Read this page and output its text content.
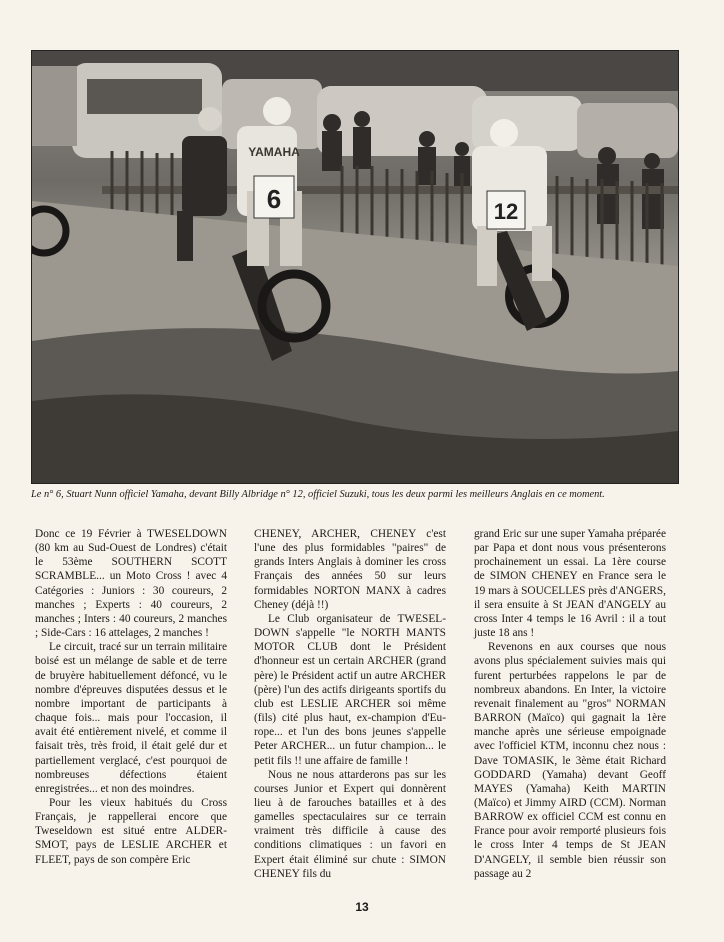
6
YAMAHA
12

Le n° 6, Stuart Nunn officiel Yamaha, devant Billy Albridge n° 12, officiel Suzuki, tous les deux parmi les meilleurs Anglais en ce moment.

Donc ce 19 Février à TWESELDOWN (80 km au Sud-Ouest de Londres) c'était le 53ème SOUTHERN SCOTT SCRAMBLE... un Moto Cross ! avec 4 Catégories : Juniors : 30 coureurs, 2 manches ; Experts : 40 coureurs, 2 manches ; Inters : 40 coureurs, 2 manches ; Side-Cars : 16 attelages, 2 manches !

Le circuit, tracé sur un terrain militaire boisé est un mélange de sable et de terre de bruyère habituellement défoncé, vu le nombre d'épreuves disputées dessus et le nombre important de participants à chaque fois... mais pour l'occasion, il avait été entièrement nivelé, et comme il faisait très, très froid, il était gelé dur et partiellement verglacé, c'est pourquoi de nombreuses défections étaient enregistrées... et non des moindres.

Pour les vieux habitués du Cross Français, je rappellerai encore que Tweseldown est situé entre ALDERSMOT, pays de LESLIE ARCHER et FLEET, pays de son compère Eric

CHENEY, ARCHER, CHENEY c'est l'une des plus formidables "paires" de grands Inters Anglais à dominer les cross Français des années 50 sur leurs formidables NORTON MANX à cadres Cheney (déjà !!)

Le Club organisateur de TWESELDOWN s'appelle "le NORTH MANTS MOTOR CLUB dont le Président d'honneur est un certain ARCHER (grand père) le Président actif un autre ARCHER (père) l'un des actifs dirigeants sportifs du club est LESLIE ARCHER soi même (fils) cité plus haut, ex-champion d'Europe... et l'un des bons jeunes s'appelle Peter ARCHER... un futur champion... le petit fils !! une affaire de famille !

Nous ne nous attarderons pas sur les courses Junior et Expert qui donnèrent lieu à de farouches batailles et à des gamelles spectaculaires sur ce terrain vraiment très difficile à cause des conditions climatiques : un favori en Expert était éliminé sur chute : SIMON CHENEY fils du

grand Eric sur une super Yamaha préparée par Papa et dont nous vous présenterons prochainement un essai. La 1ère course de SIMON CHENEY en France sera le 19 mars à SOUCELLES près d'ANGERS, il sera ensuite à St JEAN d'ANGELY au cross Inter 4 temps le 16 Avril : il a tout juste 18 ans !

Revenons en aux courses que nous avons plus spécialement suivies mais qui furent perturbées rappelons le par de nombreux abandons. En Inter, la victoire revenait finalement au "gros" NORMAN BARRON (Maïco) qui gagnait la 1ère manche après une sérieuse empoignade avec l'officiel KTM, inconnu chez nous : Dave TOMASIK, le 3ème était Richard GODDARD (Yamaha) devant Geoff MAYES (Yamaha) Keith MARTIN (Maïco) et Jimmy AIRD (CCM). Norman BARROW ex officiel CCM est connu en France pour avoir remporté plusieurs fois le cross Inter 4 temps de St JEAN D'ANGELY, il semble bien réussir son passage au 2

13
